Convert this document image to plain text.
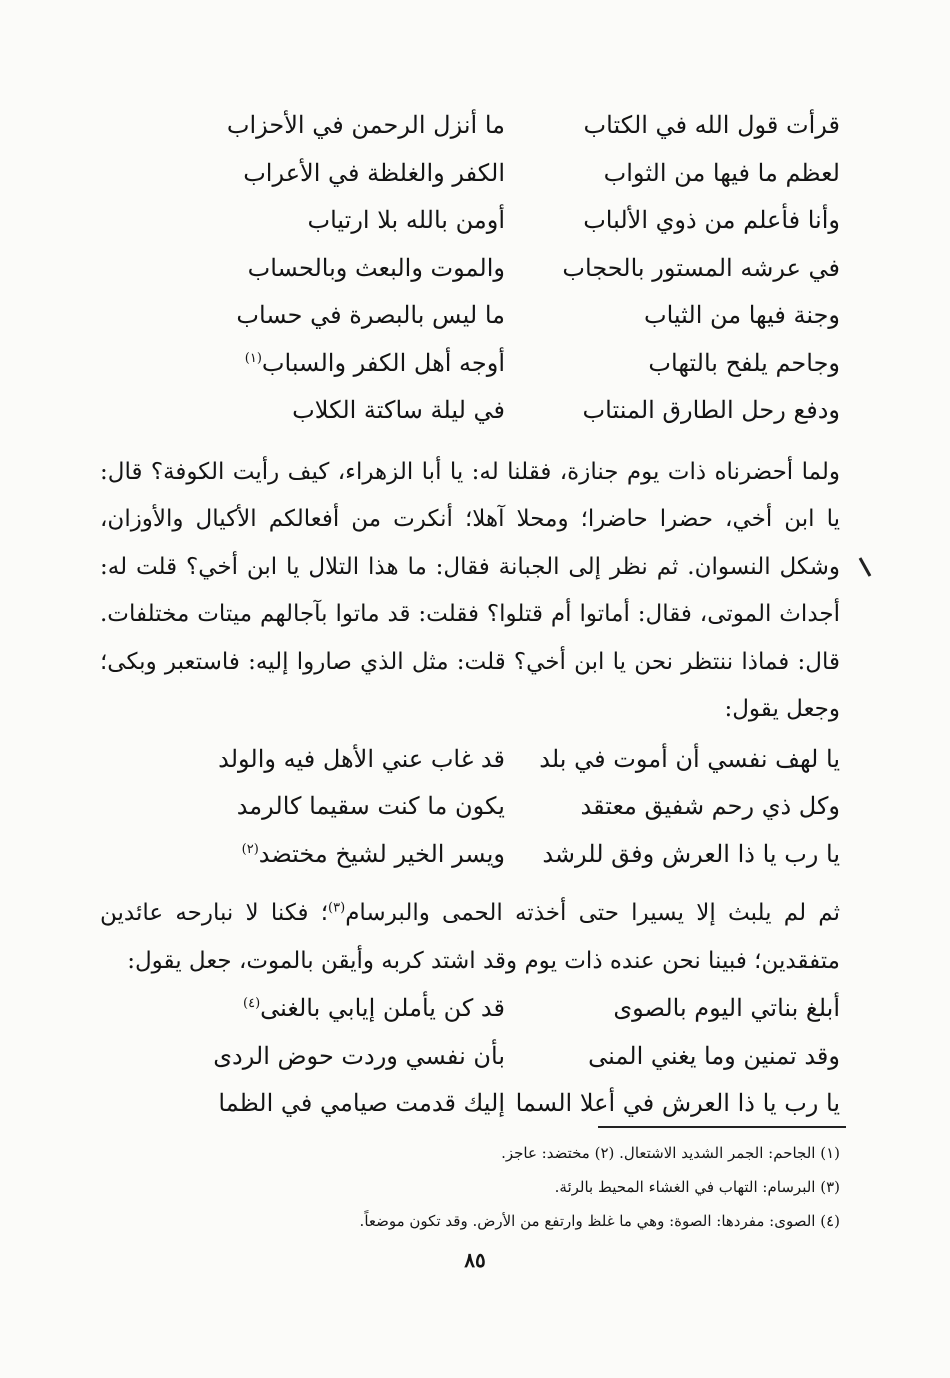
قرأت قول الله في الكتاب
ما أنزل الرحمن في الأحزاب
لعظم ما فيها من الثواب
الكفر والغلظة في الأعراب
وأنا فأعلم من ذوي الألباب
أومن بالله بلا ارتياب
في عرشه المستور بالحجاب
والموت والبعث وبالحساب
وجنة فيها من الثياب
ما ليس بالبصرة في حساب
وجاحم يلفح بالتهاب
أوجه أهل الكفر والسباب$^{(١)}$
ودفع رحل الطارق المنتاب
في ليلة ساكتة الكلاب

ولما أحضرناه ذات يوم جنازة، فقلنا له: يا أبا الزهراء، كيف رأيت الكوفة؟ قال: يا ابن أخي، حضرا حاضرا؛ ومحلا آهلا؛ أنكرت من أفعالكم الأكيال والأوزان، وشكل النسوان. ثم نظر إلى الجبانة فقال: ما هذا التلال يا ابن أخي؟ قلت له: أجداث الموتى، فقال: أماتوا أم قتلوا؟ فقلت: قد ماتوا بآجالهم ميتات مختلفات. قال: فماذا ننتظر نحن يا ابن أخي؟ قلت: مثل الذي صاروا إليه: فاستعبر وبكى؛ وجعل يقول:

يا لهف نفسي أن أموت في بلد
قد غاب عني الأهل فيه والولد
وكل ذي رحم شفيق معتقد
يكون ما كنت سقيما كالرمد
يا رب يا ذا العرش وفق للرشد
ويسر الخير لشيخ مختضد$^{(٢)}$

ثم لم يلبث إلا يسيرا حتى أخذته الحمى والبرسام$^{(٣)}$؛ فكنا لا نبارحه عائدين متفقدين؛ فبينا نحن عنده ذات يوم وقد اشتد كربه وأيقن بالموت، جعل يقول:

أبلغ بناتي اليوم بالصوى
قد كن يأملن إيابي بالغنى$^{(٤)}$
وقد تمنين وما يغني المنى
بأن نفسي وردت حوض الردى
يا رب يا ذا العرش في أعلا السما
إليك قدمت صيامي في الظما
(١) الجاحم: الجمر الشديد الاشتعال. (٢) مختضد: عاجز.
(٣) البرسام: التهاب في الغشاء المحيط بالرئة.
(٤) الصوى: مفردها: الصوة: وهي ما غلظ وارتفع من الأرض. وقد تكون موضعاً.
٨٥
